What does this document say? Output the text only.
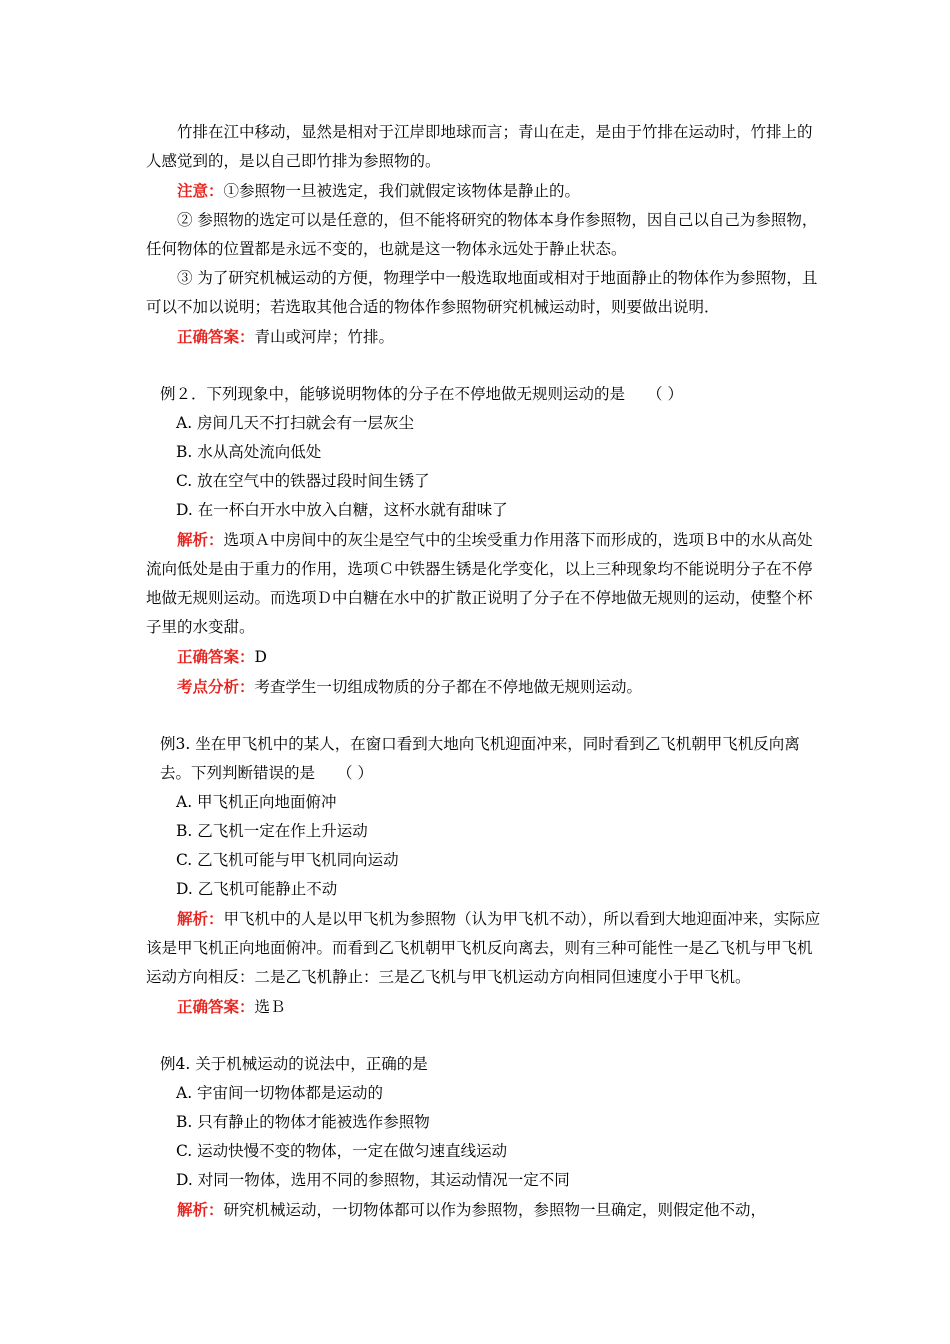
竹排在江中移动，显然是相对于江岸即地球而言；青山在走，是由于竹排在运动时，竹排上的人感觉到的，是以自己即竹排为参照物的。

注意：①参照物一旦被选定，我们就假定该物体是静止的。

② 参照物的选定可以是任意的，但不能将研究的物体本身作参照物，因自己以自己为参照物，任何物体的位置都是永远不变的，也就是这一物体永远处于静止状态。

③ 为了研究机械运动的方便，物理学中一般选取地面或相对于地面静止的物体作为参照物，且可以不加以说明；若选取其他合适的物体作参照物研究机械运动时，则要做出说明．

正确答案：青山或河岸；竹排。

例２．下列现象中，能够说明物体的分子在不停地做无规则运动的是 （ ）

A. 房间几天不打扫就会有一层灰尘

B. 水从高处流向低处

C. 放在空气中的铁器过段时间生锈了

D. 在一杯白开水中放入白糖，这杯水就有甜味了

解析：选项Ａ中房间中的灰尘是空气中的尘埃受重力作用落下而形成的，选项Ｂ中的水从高处流向低处是由于重力的作用，选项Ｃ中铁器生锈是化学变化，以上三种现象均不能说明分子在不停地做无规则运动。而选项Ｄ中白糖在水中的扩散正说明了分子在不停地做无规则的运动，使整个杯子里的水变甜。

正确答案：D

考点分析：考查学生一切组成物质的分子都在不停地做无规则运动。

例3. 坐在甲飞机中的某人，在窗口看到大地向飞机迎面冲来，同时看到乙飞机朝甲飞机反向离去。下列判断错误的是 （ ）

A. 甲飞机正向地面俯冲

B. 乙飞机一定在作上升运动

C. 乙飞机可能与甲飞机同向运动

D. 乙飞机可能静止不动

解析：甲飞机中的人是以甲飞机为参照物（认为甲飞机不动），所以看到大地迎面冲来，实际应该是甲飞机正向地面俯冲。而看到乙飞机朝甲飞机反向离去，则有三种可能性一是乙飞机与甲飞机运动方向相反：二是乙飞机静止：三是乙飞机与甲飞机运动方向相同但速度小于甲飞机。

正确答案：选Ｂ

例4. 关于机械运动的说法中，正确的是

A. 宇宙间一切物体都是运动的

B. 只有静止的物体才能被选作参照物

C. 运动快慢不变的物体，一定在做匀速直线运动

D. 对同一物体，选用不同的参照物，其运动情况一定不同

解析：研究机械运动，一切物体都可以作为参照物，参照物一旦确定，则假定他不动，
